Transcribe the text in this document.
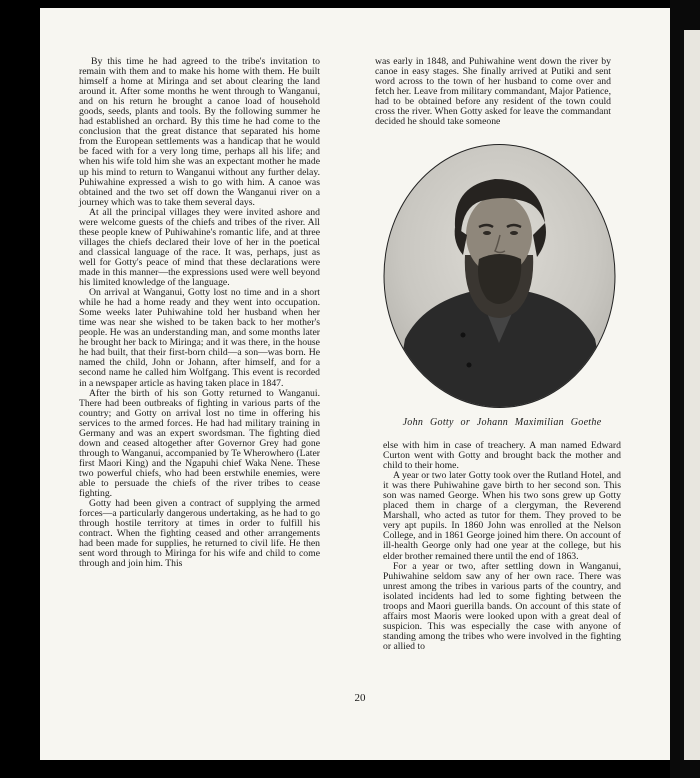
By this time he had agreed to the tribe's invitation to remain with them and to make his home with them. He built himself a home at Miringa and set about clearing the land around it. After some months he went through to Wanganui, and on his return he brought a canoe load of household goods, seeds, plants and tools. By the following summer he had established an orchard. By this time he had come to the conclusion that the great distance that separated his home from the European settlements was a handicap that he would be faced with for a very long time, perhaps all his life; and when his wife told him she was an expectant mother he made up his mind to return to Wanganui without any further delay. Puhiwahine expressed a wish to go with him. A canoe was obtained and the two set off down the Wanganui river on a journey which was to take them several days.

At all the principal villages they were invited ashore and were welcome guests of the chiefs and tribes of the river. All these people knew of Puhiwahine's romantic life, and at three villages the chiefs declared their love of her in the poetical and classical language of the race. It was, perhaps, just as well for Gotty's peace of mind that these declarations were made in this manner—the expressions used were well beyond his limited knowledge of the language.

On arrival at Wanganui, Gotty lost no time and in a short while he had a home ready and they went into occupation. Some weeks later Puhiwahine told her husband when her time was near she wished to be taken back to her mother's people. He was an understanding man, and some months later he brought her back to Miringa; and it was there, in the house he had built, that their first-born child—a son—was born. He named the child, John or Johann, after himself, and for a second name he called him Wolfgang. This event is recorded in a newspaper article as having taken place in 1847.

After the birth of his son Gotty returned to Wanganui. There had been outbreaks of fighting in various parts of the country; and Gotty on arrival lost no time in offering his services to the armed forces. He had had military training in Germany and was an expert swordsman. The fighting died down and ceased altogether after Governor Grey had gone through to Wanganui, accompanied by Te Wherowhero (Later first Maori King) and the Ngapuhi chief Waka Nene. These two powerful chiefs, who had been erstwhile enemies, were able to persuade the chiefs of the river tribes to cease fighting.

Gotty had been given a contract of supplying the armed forces—a particularly dangerous undertaking, as he had to go through hostile territory at times in order to fulfill his contract. When the fighting ceased and other arrangements had been made for supplies, he returned to civil life. He then sent word through to Miringa for his wife and child to come through and join him. This

was early in 1848, and Puhiwahine went down the river by canoe in easy stages. She finally arrived at Putiki and sent word across to the town of her husband to come over and fetch her. Leave from military commandant, Major Patience, had to be obtained before any resident of the town could cross the river. When Gotty asked for leave the commandant decided he should take someone

John Gotty or Johann Maximilian Goethe

else with him in case of treachery. A man named Edward Curton went with Gotty and brought back the mother and child to their home.

A year or two later Gotty took over the Rutland Hotel, and it was there Puhiwahine gave birth to her second son. This son was named George. When his two sons grew up Gotty placed them in charge of a clergyman, the Reverend Marshall, who acted as tutor for them. They proved to be very apt pupils. In 1860 John was enrolled at the Nelson College, and in 1861 George joined him there. On account of ill-health George only had one year at the college, but his elder brother remained there until the end of 1863.

For a year or two, after settling down in Wanganui, Puhiwahine seldom saw any of her own race. There was unrest among the tribes in various parts of the country, and isolated incidents had led to some fighting between the troops and Maori guerilla bands. On account of this state of affairs most Maoris were looked upon with a great deal of suspicion. This was especially the case with anyone of standing among the tribes who were involved in the fighting or allied to

20
